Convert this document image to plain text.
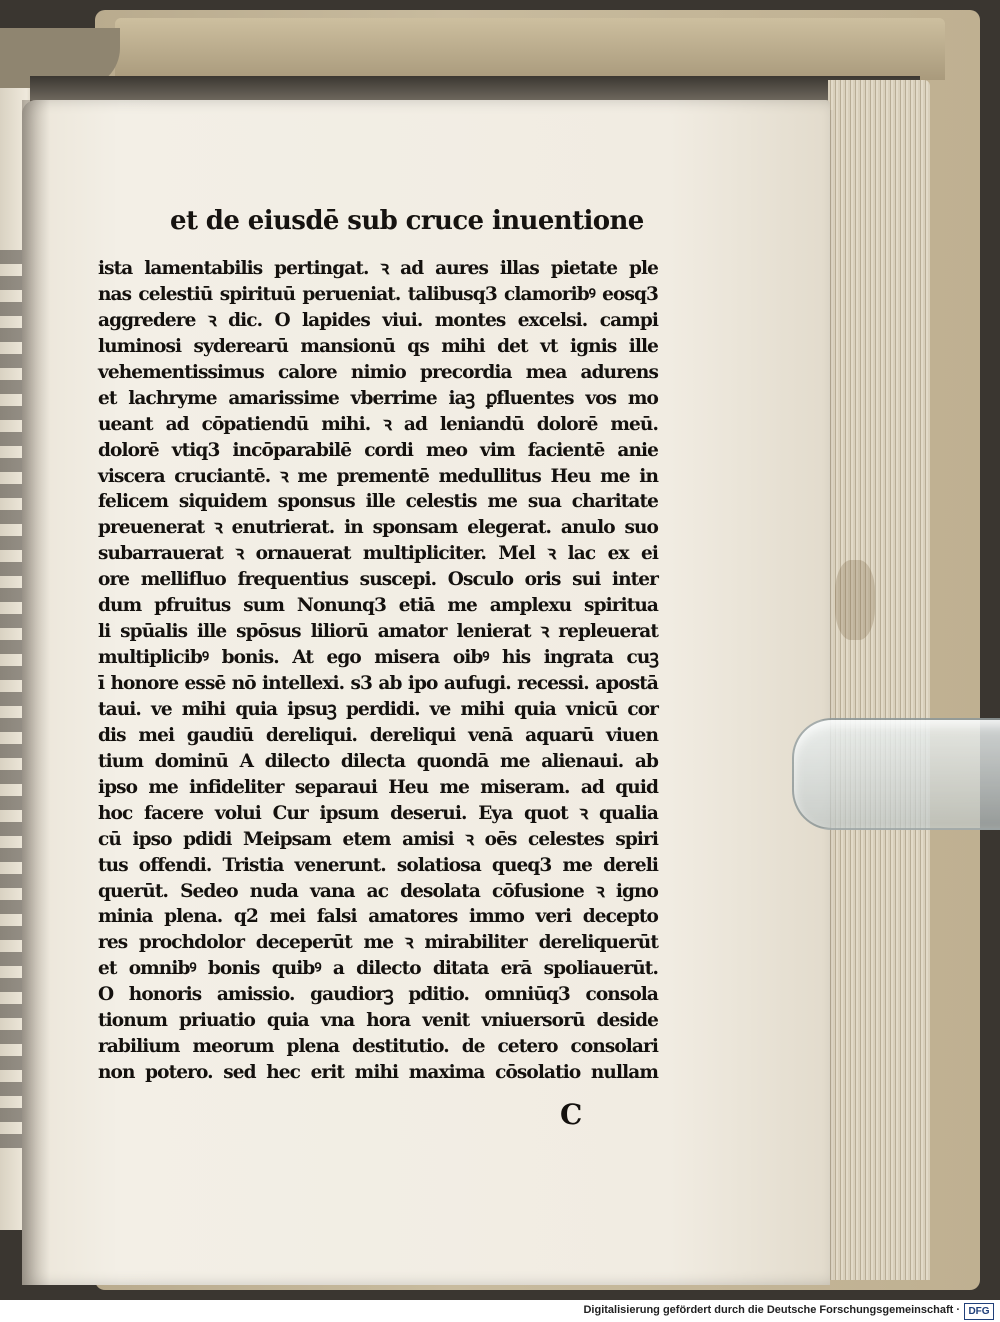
et de eiusdē sub cruce inuentione
ista lamentabilis pertingat. ꝛ ad aures illas pietate ple
nas celestiū spirituū perueniat. talibusq3 clamoribꝰ eosq3
aggredere ꝛ dic. O lapides viui. montes excelsi. campi
luminosi syderearū mansionū qs mihi det vt ignis ille
vehementissimus calore nimio precordia mea adurens
et lachryme amarissime vberrime iaꝫ ꝑfluentes vos mo
ueant ad cōpatiendū mihi. ꝛ ad leniandū dolorē meū.
dolorē vtiq3 incōparabilē cordi meo vim facientē anie
viscera cruciantē. ꝛ me prementē medullitus Heu me in
felicem siquidem sponsus ille celestis me sua charitate
preuenerat ꝛ enutrierat. in sponsam elegerat. anulo suo
subarrauerat ꝛ ornauerat multipliciter. Mel ꝛ lac ex ei
ore mellifluo frequentius suscepi. Osculo oris sui inter
dum pfruitus sum Nonunq3 etiā me amplexu spiritua
li spūalis ille spōsus liliorū amator lenierat ꝛ repleuerat
multiplicibꝰ bonis. At ego misera oibꝰ his ingrata cuꝫ
ī honore essē nō intellexi. s3 ab ipo aufugi. recessi. apostā
taui. ve mihi quia ipsuꝫ perdidi. ve mihi quia vnicū cor
dis mei gaudiū dereliqui. dereliqui venā aquarū viuen
tium dominū A dilecto dilecta quondā me alienaui. ab
ipso me infideliter separaui Heu me miseram. ad quid
hoc facere volui Cur ipsum deserui. Eya quot ꝛ qualia
cū ipso pdidi Meipsam etem amisi ꝛ oēs celestes spiri
tus offendi. Tristia venerunt. solatiosa queq3 me dereli
querūt. Sedeo nuda vana ac desolata cōfusione ꝛ igno
minia plena. q2 mei falsi amatores immo veri decepto
res prochdolor deceperūt me ꝛ mirabiliter dereliquerūt
et omnibꝰ bonis quibꝰ a dilecto ditata erā spoliauerūt.
O honoris amissio. gaudiorꝫ pditio. omniūq3 consola
tionum priuatio quia vna hora venit vniuersorū deside
rabilium meorum plena destitutio. de cetero consolari
non potero. sed hec erit mihi maxima cōsolatio nullam
C
Digitalisierung gefördert durch die Deutsche Forschungsgemeinschaft · DFG
